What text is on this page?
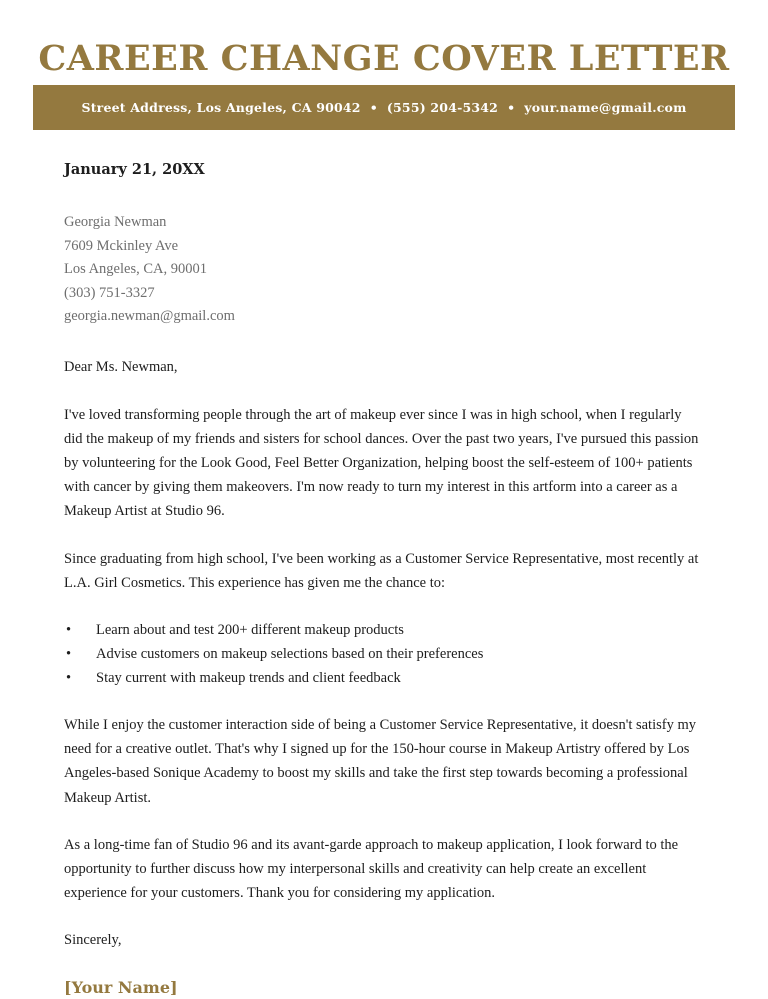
CAREER CHANGE COVER LETTER
Street Address, Los Angeles, CA 90042 • (555) 204-5342 • your.name@gmail.com
January 21, 20XX
Georgia Newman
7609 Mckinley Ave
Los Angeles, CA, 90001
(303) 751-3327
georgia.newman@gmail.com
Dear Ms. Newman,

I've loved transforming people through the art of makeup ever since I was in high school, when I regularly did the makeup of my friends and sisters for school dances. Over the past two years, I've pursued this passion by volunteering for the Look Good, Feel Better Organization, helping boost the self-esteem of 100+ patients with cancer by giving them makeovers. I'm now ready to turn my interest in this artform into a career as a Makeup Artist at Studio 96.

Since graduating from high school, I've been working as a Customer Service Representative, most recently at L.A. Girl Cosmetics. This experience has given me the chance to:

• Learn about and test 200+ different makeup products
• Advise customers on makeup selections based on their preferences
• Stay current with makeup trends and client feedback

While I enjoy the customer interaction side of being a Customer Service Representative, it doesn't satisfy my need for a creative outlet. That's why I signed up for the 150-hour course in Makeup Artistry offered by Los Angeles-based Sonique Academy to boost my skills and take the first step towards becoming a professional Makeup Artist.

As a long-time fan of Studio 96 and its avant-garde approach to makeup application, I look forward to the opportunity to further discuss how my interpersonal skills and creativity can help create an excellent experience for your customers. Thank you for considering my application.

Sincerely,
[Your Name]
